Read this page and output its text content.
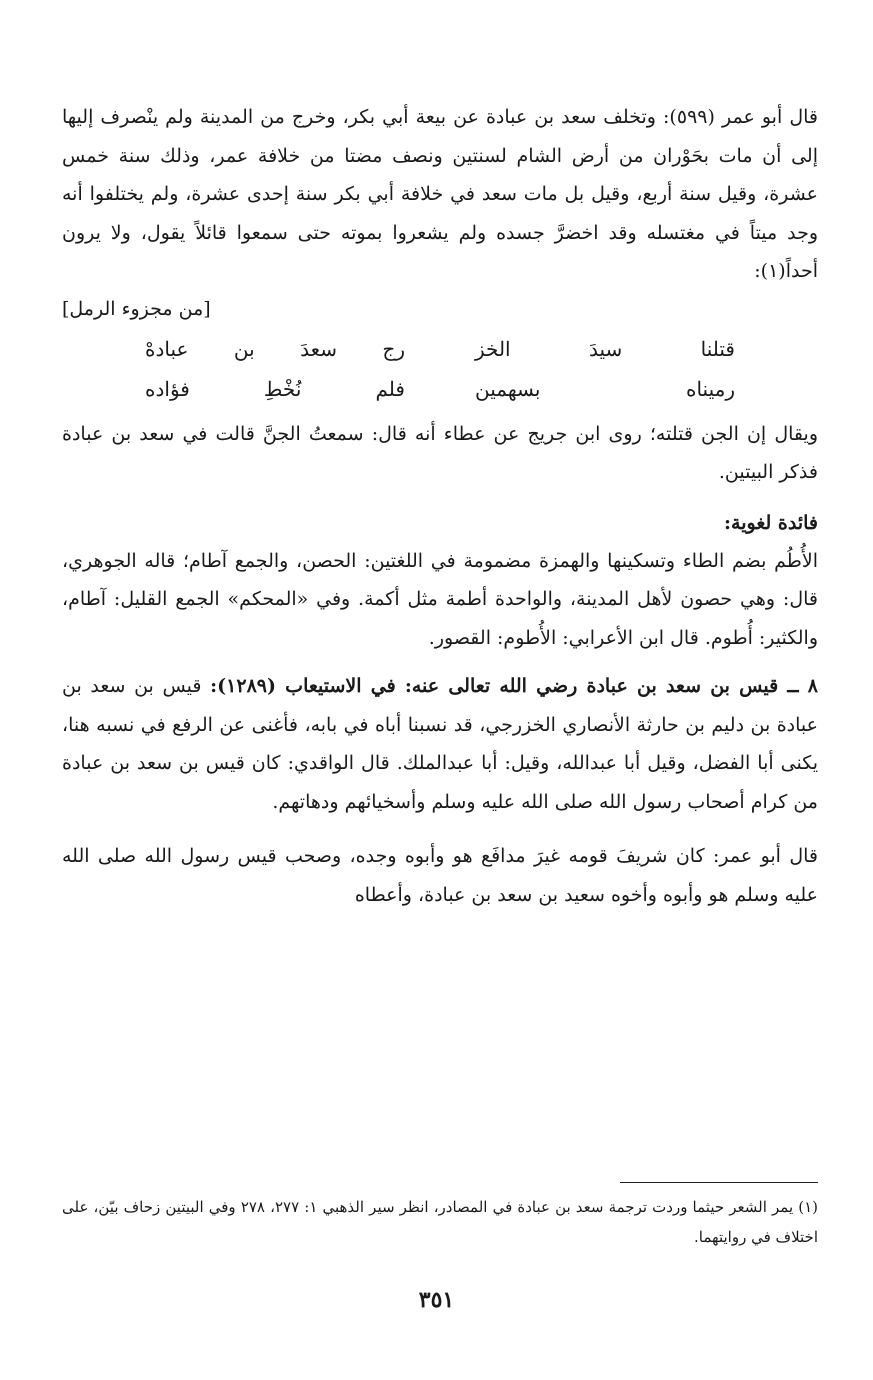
قال أبو عمر (٥٩٩): وتخلف سعد بن عبادة عن بيعة أبي بكر، وخرج من المدينة ولم ينْصرف إليها إلى أن مات بحَوْران من أرض الشام لسنتين ونصف مضتا من خلافة عمر، وذلك سنة خمس عشرة، وقيل سنة أربع، وقيل بل مات سعد في خلافة أبي بكر سنة إحدى عشرة، ولم يختلفوا أنه وجد ميتاً في مغتسله وقد اخضرَّ جسده ولم يشعروا بموته حتى سمعوا قائلاً يقول، ولا يرون أحداً(١):

[من مجزوء الرمل]
قتلنا سيدَ الخز
رج سعدَ بن عبادهْ
رميناه بسهمين
فلم نُخْطِ فؤاده

ويقال إن الجن قتلته؛ روى ابن جريج عن عطاء أنه قال: سمعتُ الجنَّ قالت في سعد بن عبادة فذكر البيتين.

فائدة لغوية:

الأُطُم بضم الطاء وتسكينها والهمزة مضمومة في اللغتين: الحصن، والجمع آطام؛ قاله الجوهري، قال: وهي حصون لأهل المدينة، والواحدة أطمة مثل أكمة. وفي «المحكم» الجمع القليل: آطام، والكثير: أُطوم. قال ابن الأعرابي: الأُطوم: القصور.

٨ ــ قيس بن سعد بن عبادة رضي الله تعالى عنه: في الاستيعاب (١٢٨٩): قيس بن سعد بن عبادة بن دليم بن حارثة الأنصاري الخزرجي، قد نسبنا أباه في بابه، فأغنى عن الرفع في نسبه هنا، يكنى أبا الفضل، وقيل أبا عبدالله، وقيل: أبا عبدالملك. قال الواقدي: كان قيس بن سعد بن عبادة من كرام أصحاب رسول الله صلى الله عليه وسلم وأسخيائهم ودهاتهم.

قال أبو عمر: كان شريفَ قومه غيرَ مدافَع هو وأبوه وجده، وصحب قيس رسول الله صلى الله عليه وسلم هو وأبوه وأخوه سعيد بن سعد بن عبادة، وأعطاه

(١) يمر الشعر حيثما وردت ترجمة سعد بن عبادة في المصادر، انظر سير الذهبي ١: ٢٧٧، ٢٧٨ وفي البيتين زحاف بيّن، على اختلاف في روايتهما.
٣٥١
